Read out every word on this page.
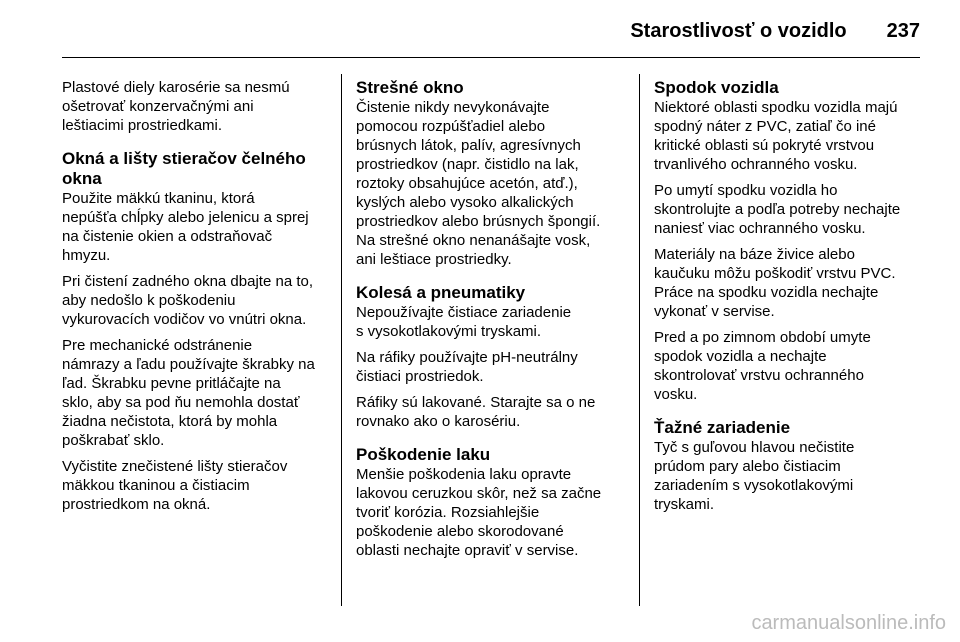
Starostlivosť o vozidlo 237

Plastové diely karosérie sa nesmú
ošetrovať konzervačnými ani
leštiacimi prostriedkami.

Okná a lišty stieračov čelného
okna

Použite mäkkú tkaninu, ktorá
nepúšťa chĺpky alebo jelenicu a sprej
na čistenie okien a odstraňovač
hmyzu.

Pri čistení zadného okna dbajte na to,
aby nedošlo k poškodeniu
vykurovacích vodičov vo vnútri okna.

Pre mechanické odstránenie
námrazy a ľadu používajte škrabky na
ľad. Škrabku pevne pritláčajte na
sklo, aby sa pod ňu nemohla dostať
žiadna nečistota, ktorá by mohla
poškrabať sklo.

Vyčistite znečistené lišty stieračov
mäkkou tkaninou a čistiacim
prostriedkom na okná.

Strešné okno

Čistenie nikdy nevykonávajte
pomocou rozpúšťadiel alebo
brúsnych látok, palív, agresívnych
prostriedkov (napr. čistidlo na lak,
roztoky obsahujúce acetón, atď.),
kyslých alebo vysoko alkalických
prostriedkov alebo brúsnych špongií.
Na strešné okno nenanášajte vosk,
ani leštiace prostriedky.

Kolesá a pneumatiky

Nepoužívajte čistiace zariadenie
s vysokotlakovými tryskami.

Na ráfiky používajte pH-neutrálny
čistiaci prostriedok.

Ráfiky sú lakované. Starajte sa o ne
rovnako ako o karosériu.

Poškodenie laku

Menšie poškodenia laku opravte
lakovou ceruzkou skôr, než sa začne
tvoriť korózia. Rozsiahlejšie
poškodenie alebo skorodované
oblasti nechajte opraviť v servise.

Spodok vozidla

Niektoré oblasti spodku vozidla majú
spodný náter z PVC, zatiaľ čo iné
kritické oblasti sú pokryté vrstvou
trvanlivého ochranného vosku.

Po umytí spodku vozidla ho
skontrolujte a podľa potreby nechajte
naniesť viac ochranného vosku.

Materiály na báze živice alebo
kaučuku môžu poškodiť vrstvu PVC.
Práce na spodku vozidla nechajte
vykonať v servise.

Pred a po zimnom období umyte
spodok vozidla a nechajte
skontrolovať vrstvu ochranného
vosku.

Ťažné zariadenie

Tyč s guľovou hlavou nečistite
prúdom pary alebo čistiacim
zariadením s vysokotlakovými
tryskami.

carmanualsonline.info
